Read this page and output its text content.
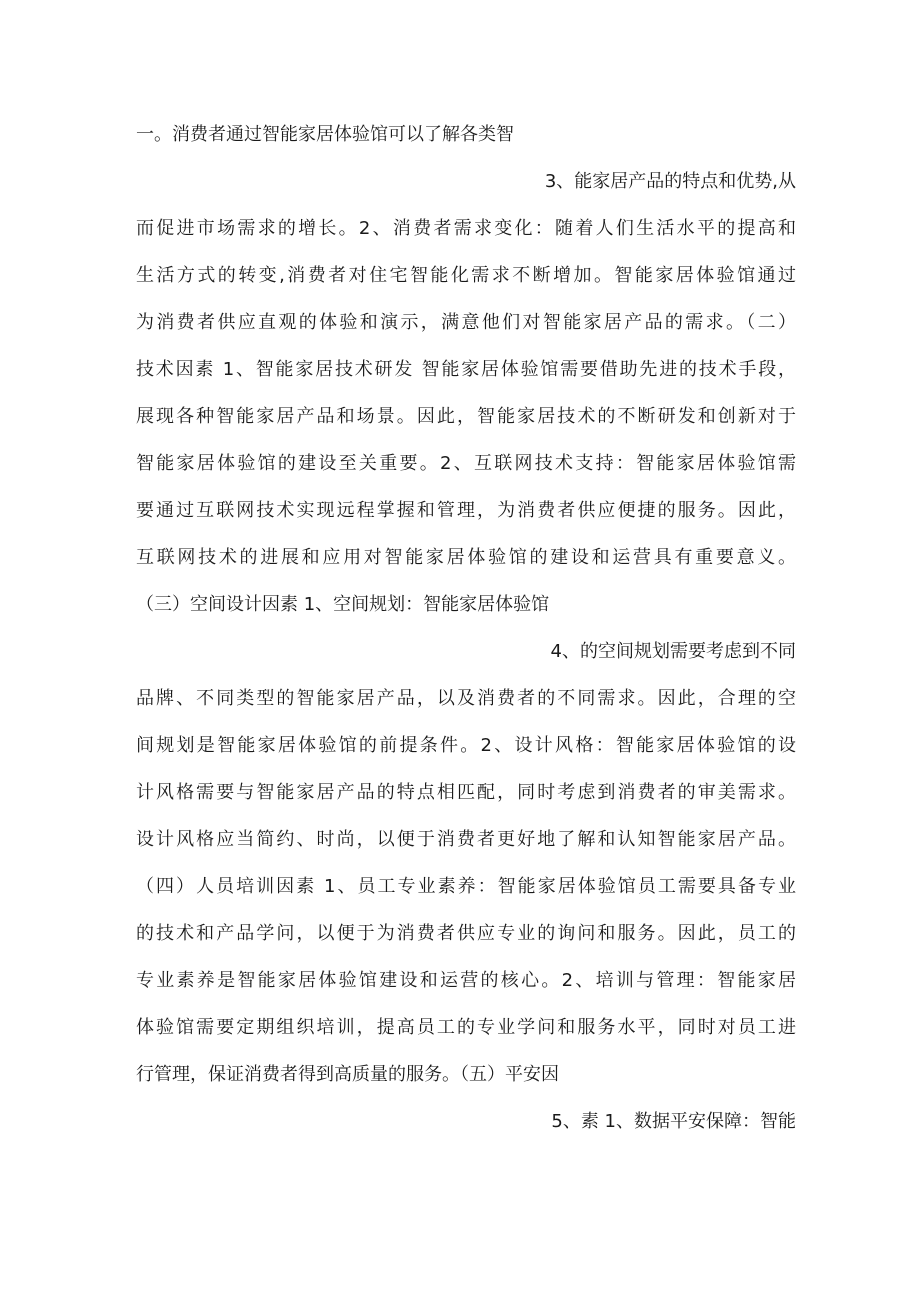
一。消费者通过智能家居体验馆可以了解各类智
3、能家居产品的特点和优势,从
而促进市场需求的增长。2、消费者需求变化：随着人们生活水平的提高和
生活方式的转变,消费者对住宅智能化需求不断增加。智能家居体验馆通过
为消费者供应直观的体验和演示，满意他们对智能家居产品的需求。（二）
技术因素 1、智能家居技术研发 智能家居体验馆需要借助先进的技术手段，
展现各种智能家居产品和场景。因此，智能家居技术的不断研发和创新对于
智能家居体验馆的建设至关重要。2、互联网技术支持：智能家居体验馆需
要通过互联网技术实现远程掌握和管理，为消费者供应便捷的服务。因此，
互联网技术的进展和应用对智能家居体验馆的建设和运营具有重要意义。
（三）空间设计因素 1、空间规划：智能家居体验馆
4、的空间规划需要考虑到不同
品牌、不同类型的智能家居产品，以及消费者的不同需求。因此，合理的空
间规划是智能家居体验馆的前提条件。2、设计风格：智能家居体验馆的设
计风格需要与智能家居产品的特点相匹配，同时考虑到消费者的审美需求。
设计风格应当简约、时尚，以便于消费者更好地了解和认知智能家居产品。
（四）人员培训因素 1、员工专业素养：智能家居体验馆员工需要具备专业
的技术和产品学问，以便于为消费者供应专业的询问和服务。因此，员工的
专业素养是智能家居体验馆建设和运营的核心。2、培训与管理：智能家居
体验馆需要定期组织培训，提高员工的专业学问和服务水平，同时对员工进
行管理，保证消费者得到高质量的服务。（五）平安因
5、素 1、数据平安保障：智能
